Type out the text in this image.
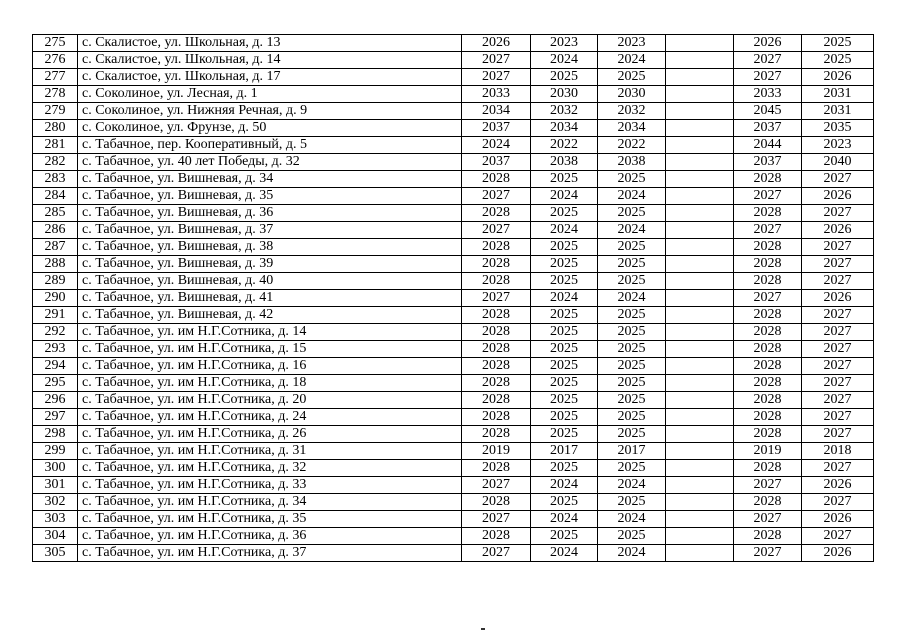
275	с. Скалистое, ул. Школьная, д. 13	2026	2023	2023		2026	2025
276	с. Скалистое, ул. Школьная, д. 14	2027	2024	2024		2027	2025
277	с. Скалистое, ул. Школьная, д. 17	2027	2025	2025		2027	2026
278	с. Соколиное, ул. Лесная, д. 1	2033	2030	2030		2033	2031
279	с. Соколиное, ул. Нижняя Речная, д. 9	2034	2032	2032		2045	2031
280	с. Соколиное, ул. Фрунзе, д. 50	2037	2034	2034		2037	2035
281	с. Табачное, пер. Кооперативный, д. 5	2024	2022	2022		2044	2023
282	с. Табачное, ул. 40 лет Победы, д. 32	2037	2038	2038		2037	2040
283	с. Табачное, ул. Вишневая, д. 34	2028	2025	2025		2028	2027
284	с. Табачное, ул. Вишневая, д. 35	2027	2024	2024		2027	2026
285	с. Табачное, ул. Вишневая, д. 36	2028	2025	2025		2028	2027
286	с. Табачное, ул. Вишневая, д. 37	2027	2024	2024		2027	2026
287	с. Табачное, ул. Вишневая, д. 38	2028	2025	2025		2028	2027
288	с. Табачное, ул. Вишневая, д. 39	2028	2025	2025		2028	2027
289	с. Табачное, ул. Вишневая, д. 40	2028	2025	2025		2028	2027
290	с. Табачное, ул. Вишневая, д. 41	2027	2024	2024		2027	2026
291	с. Табачное, ул. Вишневая, д. 42	2028	2025	2025		2028	2027
292	с. Табачное, ул. им Н.Г.Сотника, д. 14	2028	2025	2025		2028	2027
293	с. Табачное, ул. им Н.Г.Сотника, д. 15	2028	2025	2025		2028	2027
294	с. Табачное, ул. им Н.Г.Сотника, д. 16	2028	2025	2025		2028	2027
295	с. Табачное, ул. им Н.Г.Сотника, д. 18	2028	2025	2025		2028	2027
296	с. Табачное, ул. им Н.Г.Сотника, д. 20	2028	2025	2025		2028	2027
297	с. Табачное, ул. им Н.Г.Сотника, д. 24	2028	2025	2025		2028	2027
298	с. Табачное, ул. им Н.Г.Сотника, д. 26	2028	2025	2025		2028	2027
299	с. Табачное, ул. им Н.Г.Сотника, д. 31	2019	2017	2017		2019	2018
300	с. Табачное, ул. им Н.Г.Сотника, д. 32	2028	2025	2025		2028	2027
301	с. Табачное, ул. им Н.Г.Сотника, д. 33	2027	2024	2024		2027	2026
302	с. Табачное, ул. им Н.Г.Сотника, д. 34	2028	2025	2025		2028	2027
303	с. Табачное, ул. им Н.Г.Сотника, д. 35	2027	2024	2024		2027	2026
304	с. Табачное, ул. им Н.Г.Сотника, д. 36	2028	2025	2025		2028	2027
305	с. Табачное, ул. им Н.Г.Сотника, д. 37	2027	2024	2024		2027	2026
